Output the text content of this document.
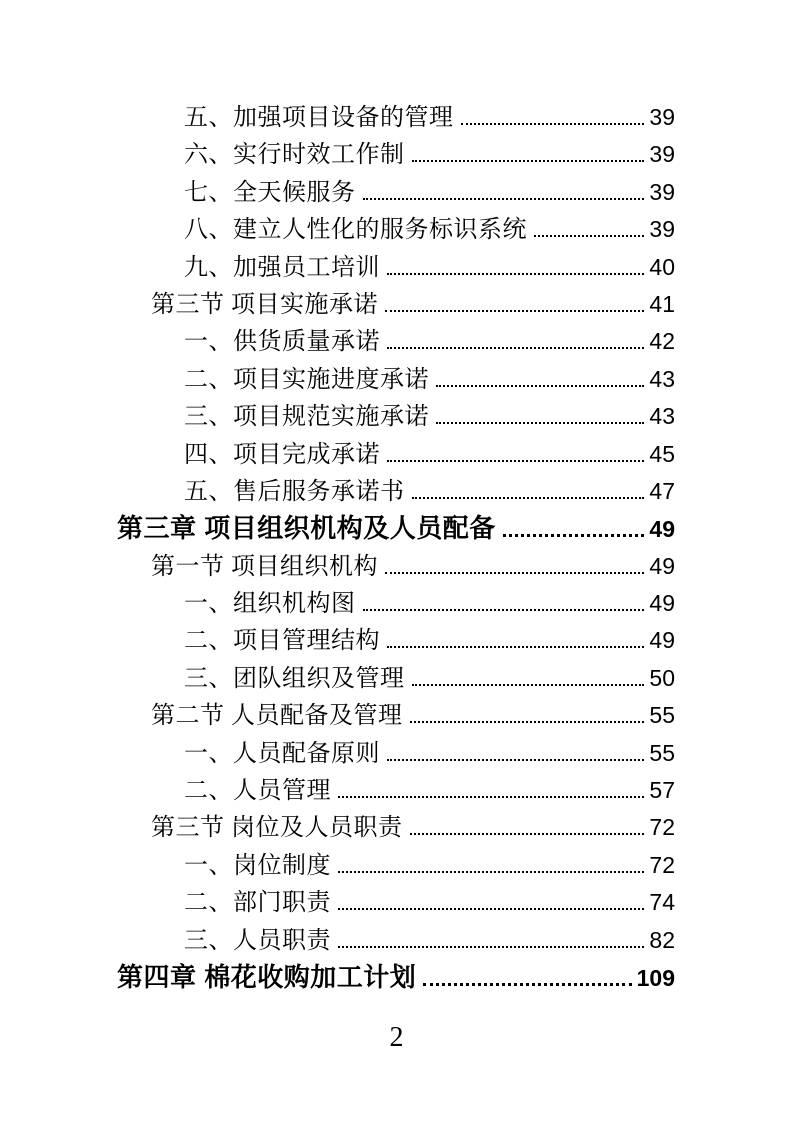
五、加强项目设备的管理	39
六、实行时效工作制	39
七、全天候服务	39
八、建立人性化的服务标识系统	39
九、加强员工培训	40
第三节 项目实施承诺	41
一、供货质量承诺	42
二、项目实施进度承诺	43
三、项目规范实施承诺	43
四、项目完成承诺	45
五、售后服务承诺书	47
第三章 项目组织机构及人员配备	49
第一节 项目组织机构	49
一、组织机构图	49
二、项目管理结构	49
三、团队组织及管理	50
第二节 人员配备及管理	55
一、人员配备原则	55
二、人员管理	57
第三节 岗位及人员职责	72
一、岗位制度	72
二、部门职责	74
三、人员职责	82
第四章 棉花收购加工计划	109
2
